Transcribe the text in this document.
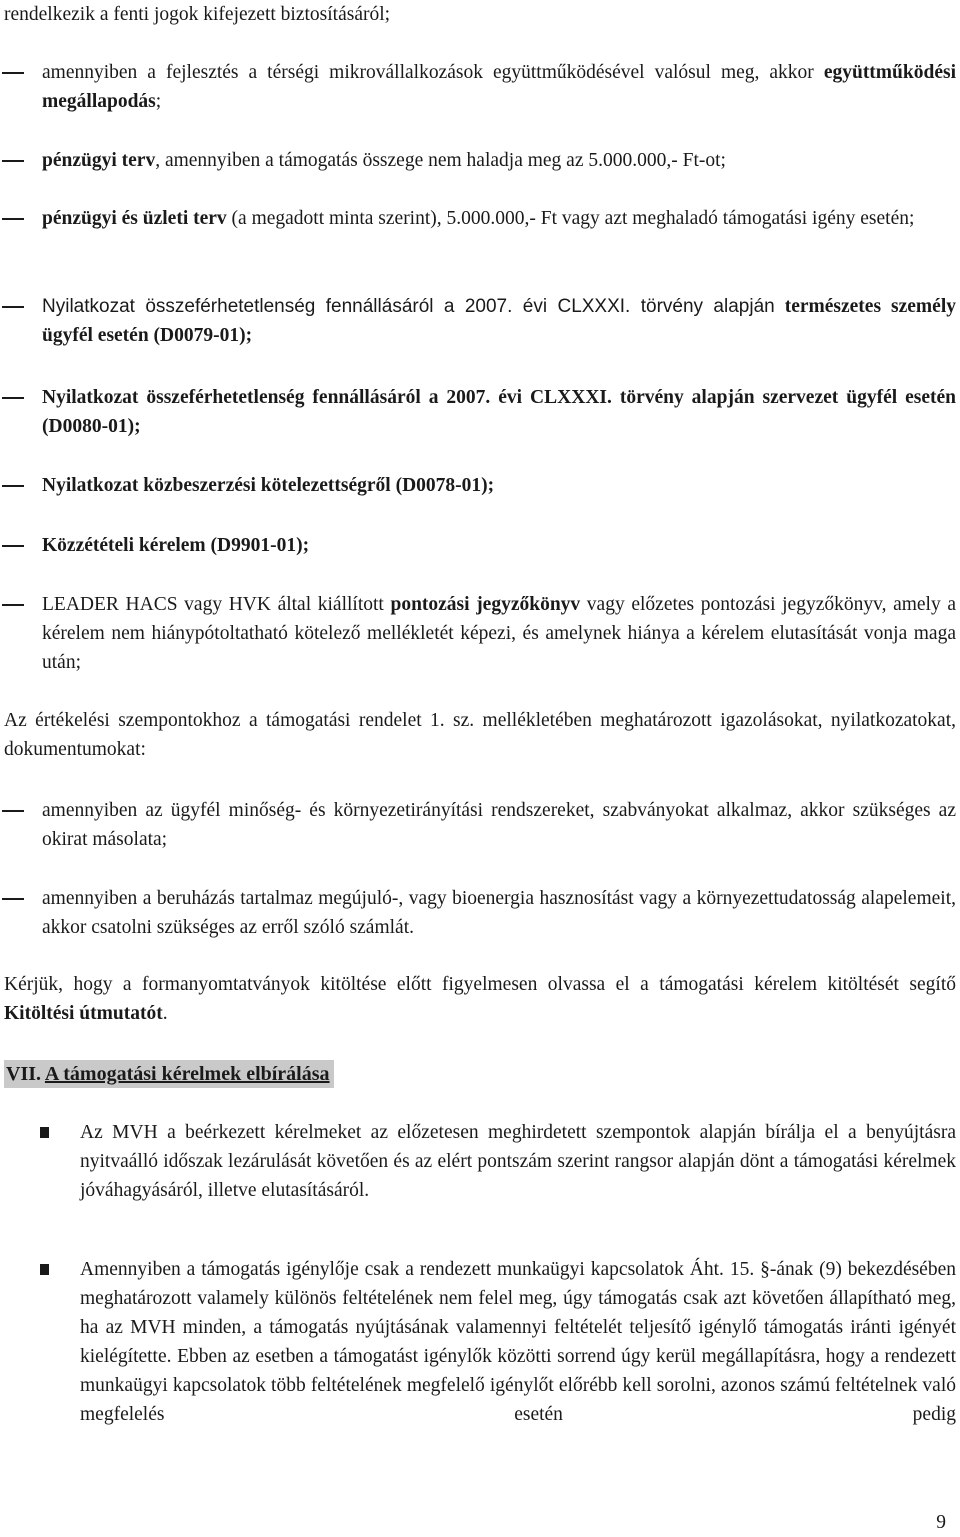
rendelkezik a fenti jogok kifejezett biztosításáról;
amennyiben a fejlesztés a térségi mikrovállalkozások együttműködésével valósul meg, akkor együttműködési megállapodás;
pénzügyi terv, amennyiben a támogatás összege nem haladja meg az 5.000.000,- Ft-ot;
pénzügyi és üzleti terv (a megadott minta szerint), 5.000.000,- Ft vagy azt meghaladó támogatási igény esetén;
Nyilatkozat összeférhetetlenség fennállásáról a 2007. évi CLXXXI. törvény alapján természetes személy ügyfél esetén (D0079-01);
Nyilatkozat összeférhetetlenség fennállásáról a 2007. évi CLXXXI. törvény alapján szervezet ügyfél esetén (D0080-01);
Nyilatkozat közbeszerzési kötelezettségről (D0078-01);
Közzétételi kérelem (D9901-01);
LEADER HACS vagy HVK által kiállított pontozási jegyzőkönyv vagy előzetes pontozási jegyzőkönyv, amely a kérelem nem hiánypótoltatható kötelező mellékletét képezi, és amelynek hiánya a kérelem elutasítását vonja maga után;
Az értékelési szempontokhoz a támogatási rendelet 1. sz. mellékletében meghatározott igazolásokat, nyilatkozatokat, dokumentumokat:
amennyiben az ügyfél minőség- és környezetirányítási rendszereket, szabványokat alkalmaz, akkor szükséges az okirat másolata;
amennyiben a beruházás tartalmaz megújuló-, vagy bioenergia hasznosítást vagy a környezettudatosság alapelemeit, akkor csatolni szükséges az erről szóló számlát.
Kérjük, hogy a formanyomtatványok kitöltése előtt figyelmesen olvassa el a támogatási kérelem kitöltését segítő Kitöltési útmutatót.
VII. A támogatási kérelmek elbírálása
Az MVH a beérkezett kérelmeket az előzetesen meghirdetett szempontok alapján bírálja el a benyújtásra nyitvaálló időszak lezárulását követően és az elért pontszám szerint rangsor alapján dönt a támogatási kérelmek jóváhagyásáról, illetve elutasításáról.
Amennyiben a támogatás igénylője csak a rendezett munkaügyi kapcsolatok Áht. 15. §-ának (9) bekezdésében meghatározott valamely különös feltételének nem felel meg, úgy támogatás csak azt követően állapítható meg, ha az MVH minden, a támogatás nyújtásának valamennyi feltételét teljesítő igénylő támogatás iránti igényét kielégítette. Ebben az esetben a támogatást igénylők közötti sorrend úgy kerül megállapításra, hogy a rendezett munkaügyi kapcsolatok több feltételének megfelelő igénylőt előrébb kell sorolni, azonos számú feltételnek való megfelelés esetén pedig
9
